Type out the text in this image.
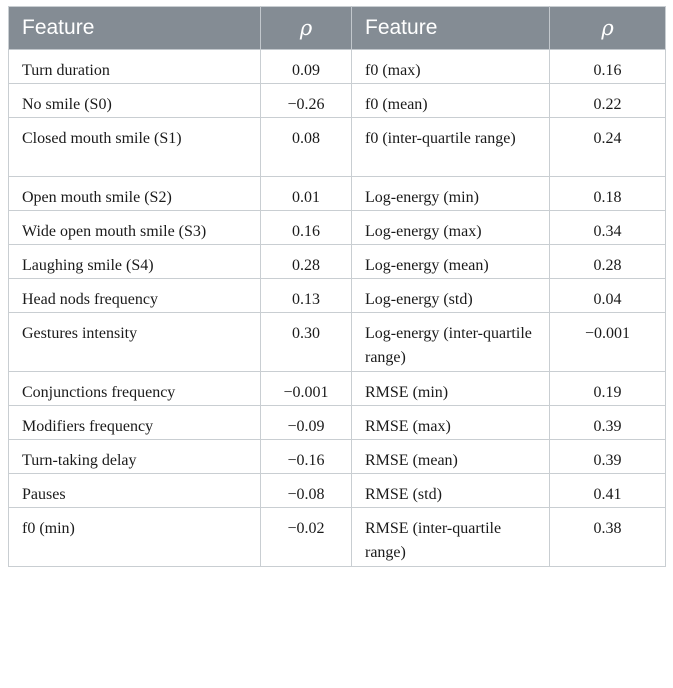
Feature	ρ	Feature	ρ
Turn duration	0.09	f0 (max)	0.16
No smile (S0)	−0.26	f0 (mean)	0.22
Closed mouth smile (S1)	0.08	f0 (inter-quartile range)	0.24
Open mouth smile (S2)	0.01	Log-energy (min)	0.18
Wide open mouth smile (S3)	0.16	Log-energy (max)	0.34
Laughing smile (S4)	0.28	Log-energy (mean)	0.28
Head nods frequency	0.13	Log-energy (std)	0.04
Gestures intensity	0.30	Log-energy (inter-quartile range)	−0.001
Conjunctions frequency	−0.001	RMSE (min)	0.19
Modifiers frequency	−0.09	RMSE (max)	0.39
Turn-taking delay	−0.16	RMSE (mean)	0.39
Pauses	−0.08	RMSE (std)	0.41
f0 (min)	−0.02	RMSE (inter-quartile range)	0.38
